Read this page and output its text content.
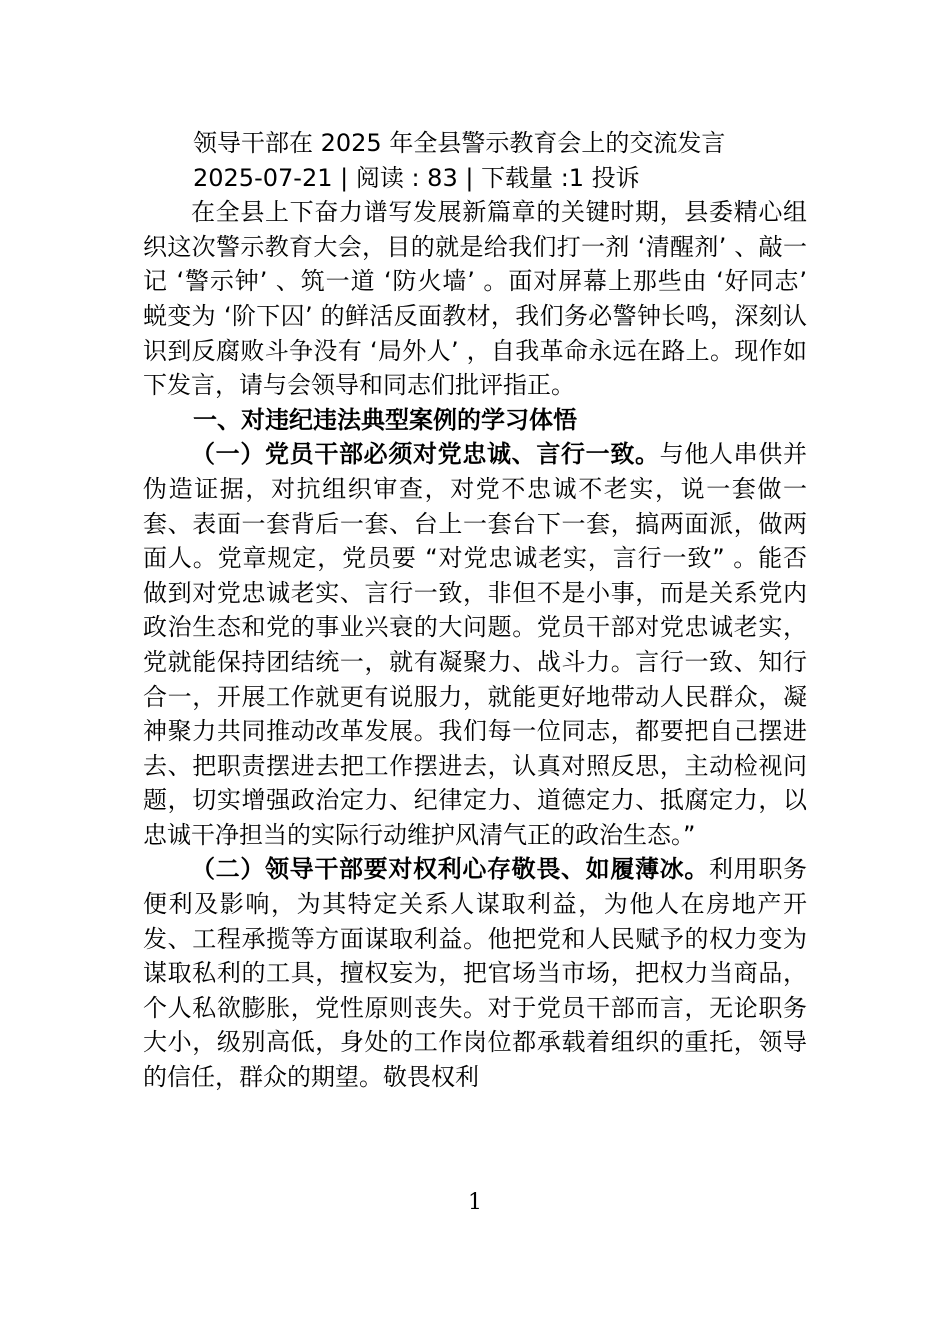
领导干部在 2025 年全县警示教育会上的交流发言

2025-07-21 | 阅读 : 83 | 下载量 :1 投诉

在全县上下奋力谱写发展新篇章的关键时期，县委精心组织这次警示教育大会，目的就是给我们打一剂 ‘清醒剂’ 、敲一记 ‘警示钟’ 、筑一道 ‘防火墙’ 。面对屏幕上那些由 ‘好同志’ 蜕变为 ‘阶下囚’ 的鲜活反面教材，我们务必警钟长鸣，深刻认识到反腐败斗争没有 ‘局外人’ ，自我革命永远在路上。现作如下发言，请与会领导和同志们批评指正。

一、对违纪违法典型案例的学习体悟

（一）党员干部必须对党忠诚、言行一致。与他人串供并伪造证据，对抗组织审查，对党不忠诚不老实，说一套做一套、表面一套背后一套、台上一套台下一套，搞两面派，做两面人。党章规定，党员要 “对党忠诚老实，言行一致” 。能否做到对党忠诚老实、言行一致，非但不是小事，而是关系党内政治生态和党的事业兴衰的大问题。党员干部对党忠诚老实，党就能保持团结统一，就有凝聚力、战斗力。言行一致、知行合一，开展工作就更有说服力，就能更好地带动人民群众，凝神聚力共同推动改革发展。我们每一位同志，都要把自己摆进去、把职责摆进去把工作摆进去，认真对照反思，主动检视问题，切实增强政治定力、纪律定力、道德定力、抵腐定力，以忠诚干净担当的实际行动维护风清气正的政治生态。”

（二）领导干部要对权利心存敬畏、如履薄冰。利用职务便利及影响，为其特定关系人谋取利益，为他人在房地产开发、工程承揽等方面谋取利益。他把党和人民赋予的权力变为谋取私利的工具，擅权妄为，把官场当市场，把权力当商品，个人私欲膨胀，党性原则丧失。对于党员干部而言，无论职务大小，级别高低，身处的工作岗位都承载着组织的重托，领导的信任，群众的期望。敬畏权利

1
